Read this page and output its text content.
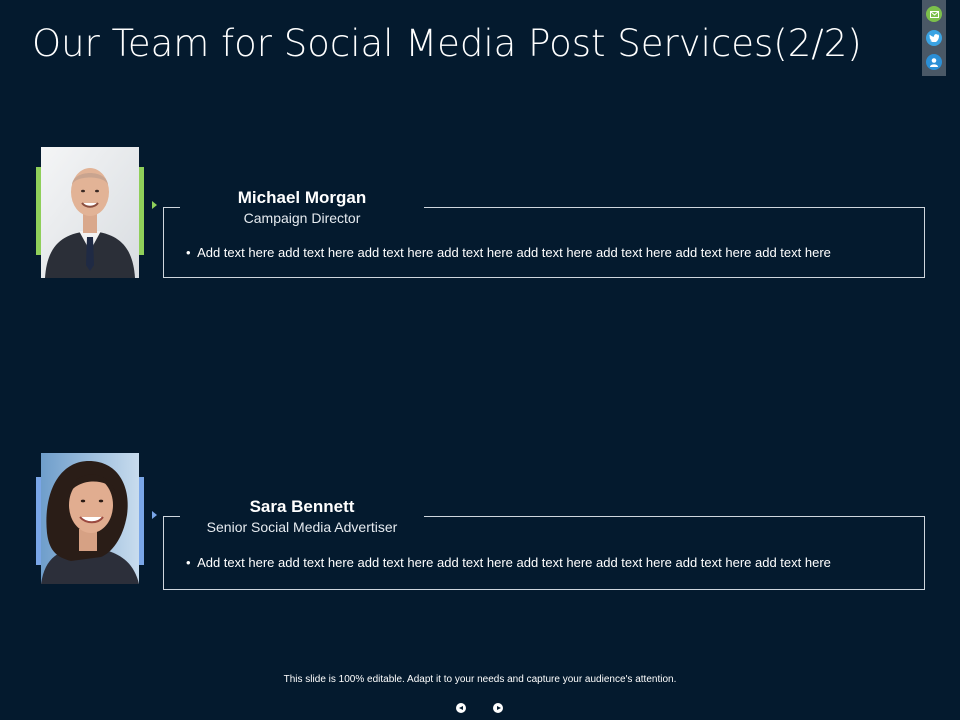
Our Team for Social Media Post Services(2/2)
Michael Morgan
Campaign Director
•  Add text here add text here add text here add text here add text here add text here add text here add text here
Sara Bennett
Senior Social Media Advertiser
•  Add text here add text here add text here add text here add text here add text here add text here add text here
This slide is 100% editable. Adapt it to your needs and capture your audience's attention.
